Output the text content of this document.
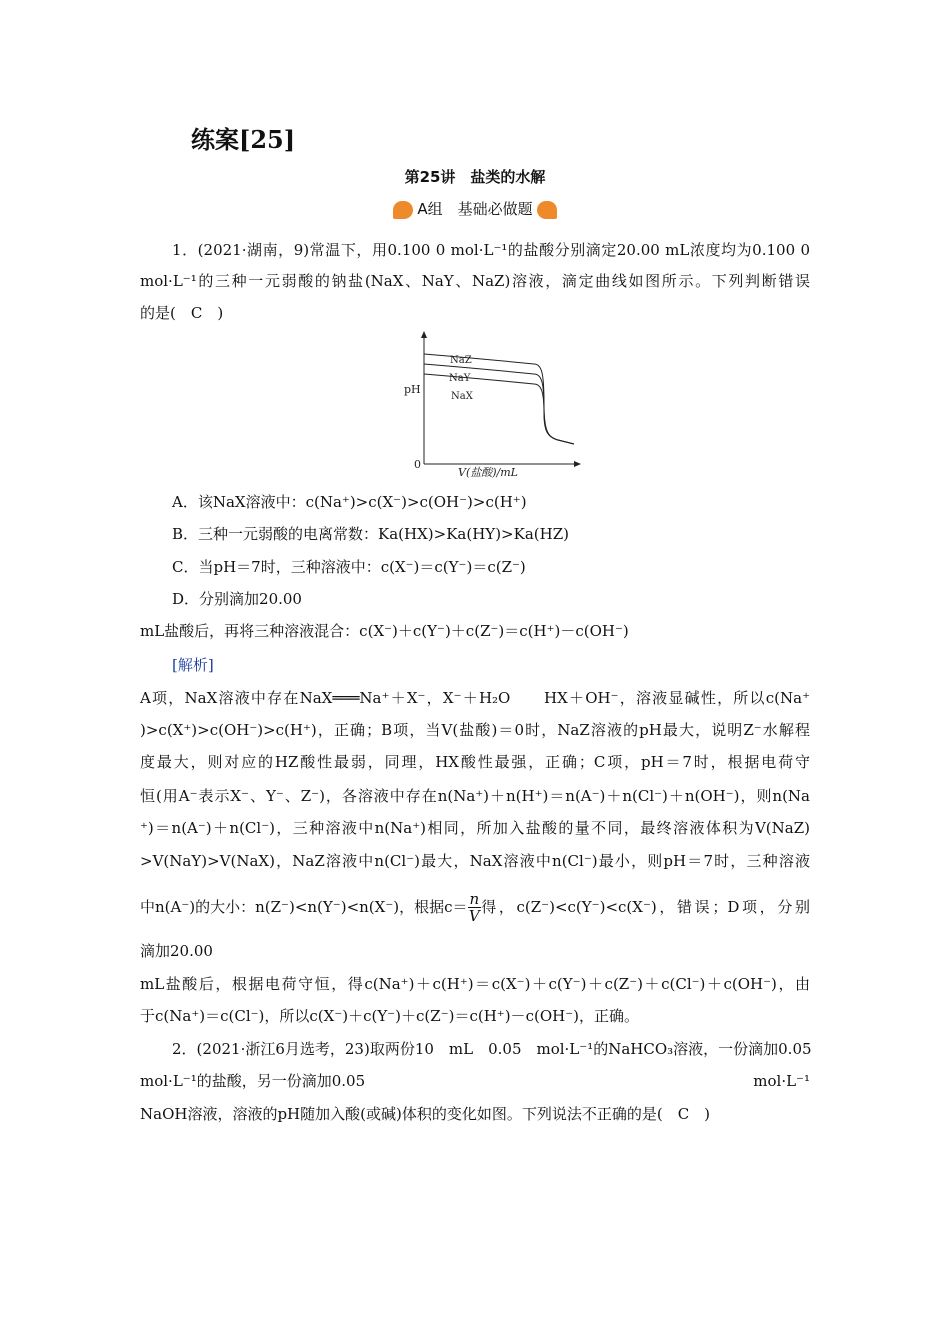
练案[25]
第25讲　盐类的水解
A组　基础必做题
1．(2021·湖南，9)常温下，用0.100 0 mol·L⁻¹的盐酸分别滴定20.00 mL浓度均为0.100 0
mol·L⁻¹的三种一元弱酸的钠盐(NaX、NaY、NaZ)溶液，滴定曲线如图所示。下列判断错误
的是(　C　)
pH
0
V(盐酸)/mL
NaZ
NaY
NaX
A．该NaX溶液中：c(Na⁺)>c(X⁻)>c(OH⁻)>c(H⁺)
B．三种一元弱酸的电离常数：Ka(HX)>Ka(HY)>Ka(HZ)
C．当pH＝7时，三种溶液中：c(X⁻)＝c(Y⁻)＝c(Z⁻)
D．分别滴加20.00
mL盐酸后，再将三种溶液混合：c(X⁻)＋c(Y⁻)＋c(Z⁻)＝c(H⁺)－c(OH⁻)
[解析]
A项，NaX溶液中存在NaX═══Na⁺＋X⁻，X⁻＋H₂O　　HX＋OH⁻，溶液显碱性，所以c(Na⁺
)>c(X⁺)>c(OH⁻)>c(H⁺)，正确；B项，当V(盐酸)＝0时，NaZ溶液的pH最大，说明Z⁻水解程
度最大，则对应的HZ酸性最弱，同理，HX酸性最强，正确；C项，pH＝7时，根据电荷守
恒(用A⁻表示X⁻、Y⁻、Z⁻)，各溶液中存在n(Na⁺)＋n(H⁺)＝n(A⁻)＋n(Cl⁻)＋n(OH⁻)，则n(Na
⁺)＝n(A⁻)＋n(Cl⁻)，三种溶液中n(Na⁺)相同，所加入盐酸的量不同，最终溶液体积为V(NaZ)
>V(NaY)>V(NaX)，NaZ溶液中n(Cl⁻)最大，NaX溶液中n(Cl⁻)最小，则pH＝7时，三种溶液
中n(A⁻)的大小：n(Z⁻)<n(Y⁻)<n(X⁻)，根据$c= \frac{n}{V}$ 得，c(Z⁻)<c(Y⁻)<c(X⁻)，错误；D项，分别
滴加20.00
mL盐酸后，根据电荷守恒，得c(Na⁺)＋c(H⁺)＝c(X⁻)＋c(Y⁻)＋c(Z⁻)＋c(Cl⁻)＋c(OH⁻)，由
于c(Na⁺)＝c(Cl⁻)，所以c(X⁻)＋c(Y⁻)＋c(Z⁻)＝c(H⁺)－c(OH⁻)，正确。
2．(2021·浙江6月选考，23)取两份10　mL　0.05　mol·L⁻¹的NaHCO₃溶液，一份滴加0.05
mol·L⁻¹的盐酸，另一份滴加0.05	mol·L⁻¹
NaOH溶液，溶液的pH随加入酸(或碱)体积的变化如图。下列说法不正确的是(　C　)
